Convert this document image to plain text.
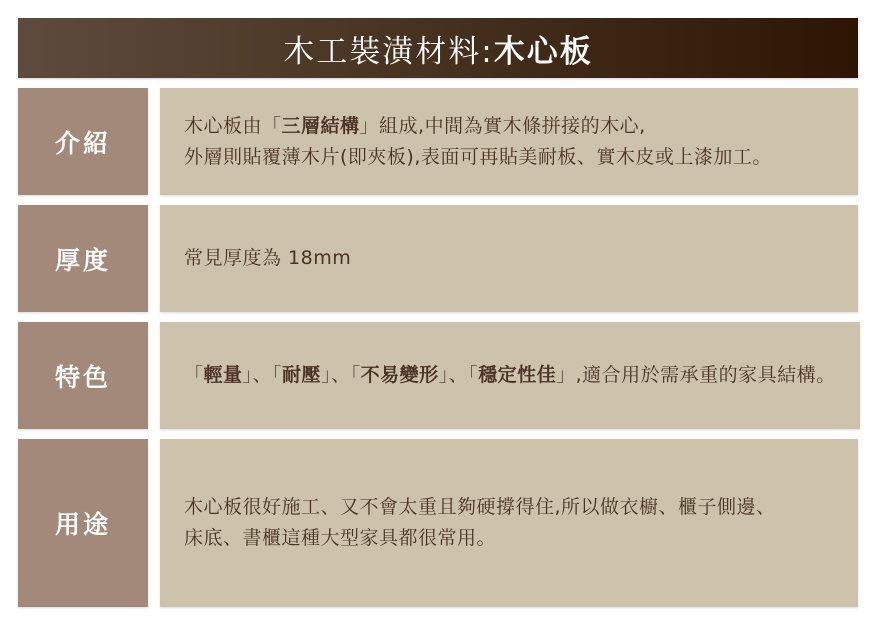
木工裝潢材料: 木心板
介紹
木心板由「三層結構」組成,中間為實木條拼接的木心,
外層則貼覆薄木片(即夾板),表面可再貼美耐板、實木皮或上漆加工。
厚度	常見厚度為 18mm
特色	「輕量」、「耐壓」、「不易變形」、「穩定性佳」,適合用於需承重的家具結構。
用途
木心板很好施工、又不會太重且夠硬撐得住,所以做衣櫥、櫃子側邊、
床底、書櫃這種大型家具都很常用。
